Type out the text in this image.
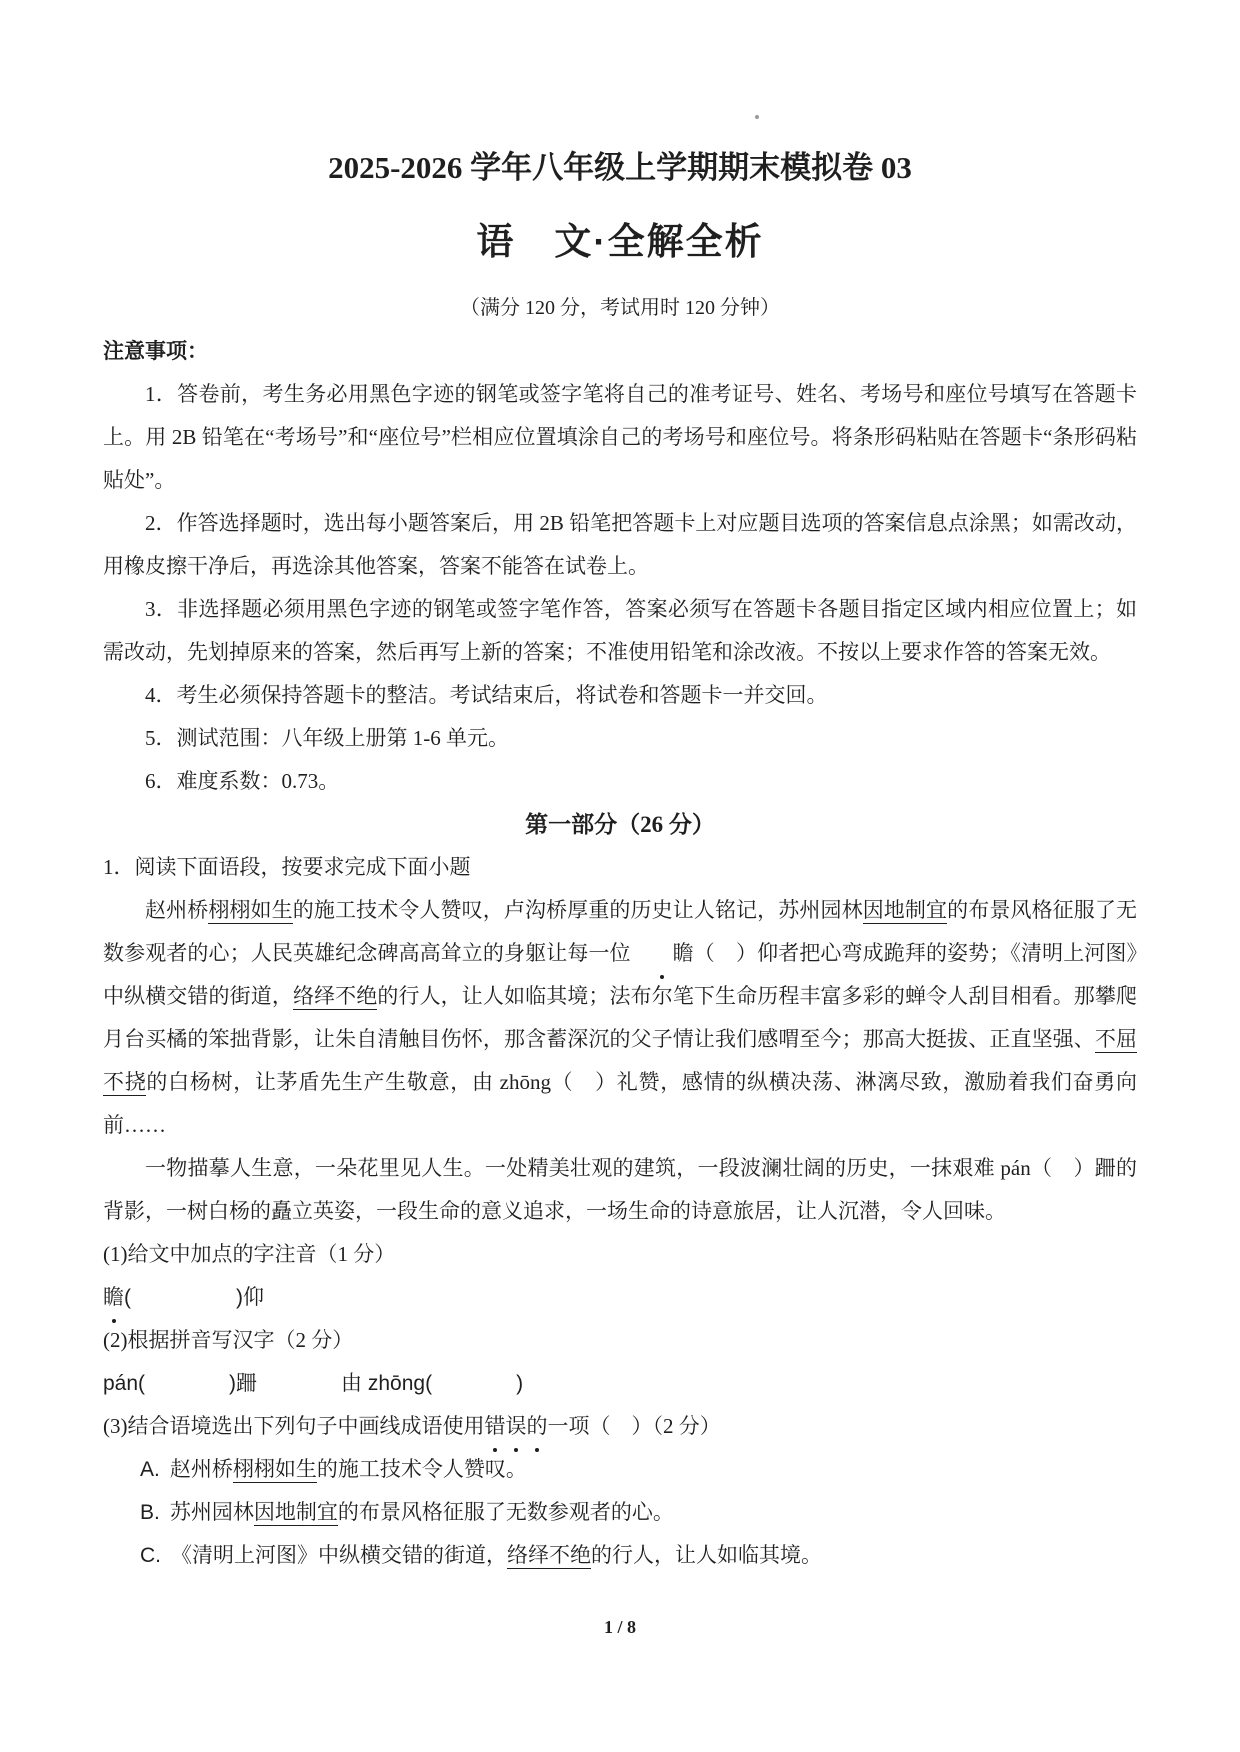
2025-2026 学年八年级上学期期末模拟卷 03
语　文·全解全析
（满分 120 分，考试用时 120 分钟）
注意事项：

1．答卷前，考生务必用黑色字迹的钢笔或签字笔将自己的准考证号、姓名、考场号和座位号填写在答题卡上。用 2B 铅笔在“考场号”和“座位号”栏相应位置填涂自己的考场号和座位号。将条形码粘贴在答题卡“条形码粘贴处”。

2．作答选择题时，选出每小题答案后，用 2B 铅笔把答题卡上对应题目选项的答案信息点涂黑；如需改动，用橡皮擦干净后，再选涂其他答案，答案不能答在试卷上。

3．非选择题必须用黑色字迹的钢笔或签字笔作答，答案必须写在答题卡各题目指定区域内相应位置上；如需改动，先划掉原来的答案，然后再写上新的答案；不准使用铅笔和涂改液。不按以上要求作答的答案无效。

4．考生必须保持答题卡的整洁。考试结束后，将试卷和答题卡一并交回。

5．测试范围：八年级上册第 1-6 单元。

6．难度系数：0.73。

第一部分（26 分）

1．阅读下面语段，按要求完成下面小题

赵州桥栩栩如生的施工技术令人赞叹，卢沟桥厚重的历史让人铭记，苏州园林因地制宜的布景风格征服了无数参观者的心；人民英雄纪念碑高高耸立的身躯让每一位 瞻（　）仰者把心弯成跪拜的姿势；《清明上河图》中纵横交错的街道，络绎不绝的行人，让人如临其境；法布尔笔下生命历程丰富多彩的蝉令人刮目相看。那攀爬月台买橘的笨拙背影，让朱自清触目伤怀，那含蓄深沉的父子情让我们感喟至今；那高大挺拔、正直坚强、不屈不挠的白杨树，让茅盾先生产生敬意，由 zhōng（　）礼赞，感情的纵横决荡、淋漓尽致，激励着我们奋勇向前……

一物描摹人生意，一朵花里见人生。一处精美壮观的建筑，一段波澜壮阔的历史，一抹艰难 pán（　）跚的背影，一树白杨的矗立英姿，一段生命的意义追求，一场生命的诗意旅居，让人沉潜，令人回味。

(1)给文中加点的字注音（1 分）

瞻(　　　　　)仰

(2)根据拼音写汉字（2 分）

pán(　　　　)跚　　　　由 zhōng(　　　　)

(3)结合语境选出下列句子中画线成语使用错误的一项（　）（2 分）

A. 赵州桥栩栩如生的施工技术令人赞叹。

B. 苏州园林因地制宜的布景风格征服了无数参观者的心。

C. 《清明上河图》中纵横交错的街道，络绎不绝的行人，让人如临其境。

1 / 8
